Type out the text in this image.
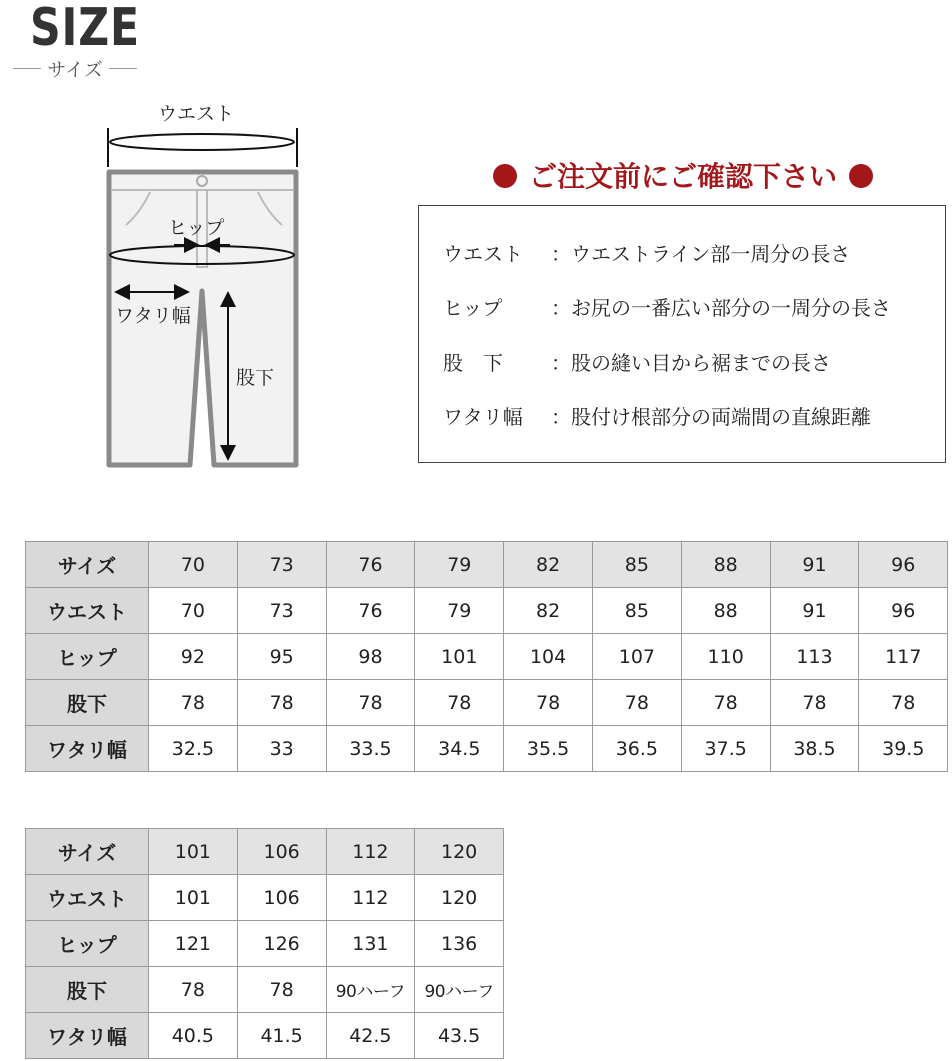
SIZE
サイズ
ウエスト
ヒップ
ワタリ幅
股下
ご注文前にご確認下さい
ウエスト ：ウエストライン部一周分の長さ
ヒップ ：お尻の一番広い部分の一周分の長さ
股　下 ：股の縫い目から裾までの長さ
ワタリ幅 ：股付け根部分の両端間の直線距離
サイズ	70	73	76	79	82	85	88	91	96
ウエスト	70	73	76	79	82	85	88	91	96
ヒップ	92	95	98	101	104	107	110	113	117
股下	78	78	78	78	78	78	78	78	78
ワタリ幅	32.5	33	33.5	34.5	35.5	36.5	37.5	38.5	39.5
サイズ	101	106	112	120
ウエスト	101	106	112	120
ヒップ	121	126	131	136
股下	78	78	90ハーフ	90ハーフ
ワタリ幅	40.5	41.5	42.5	43.5
